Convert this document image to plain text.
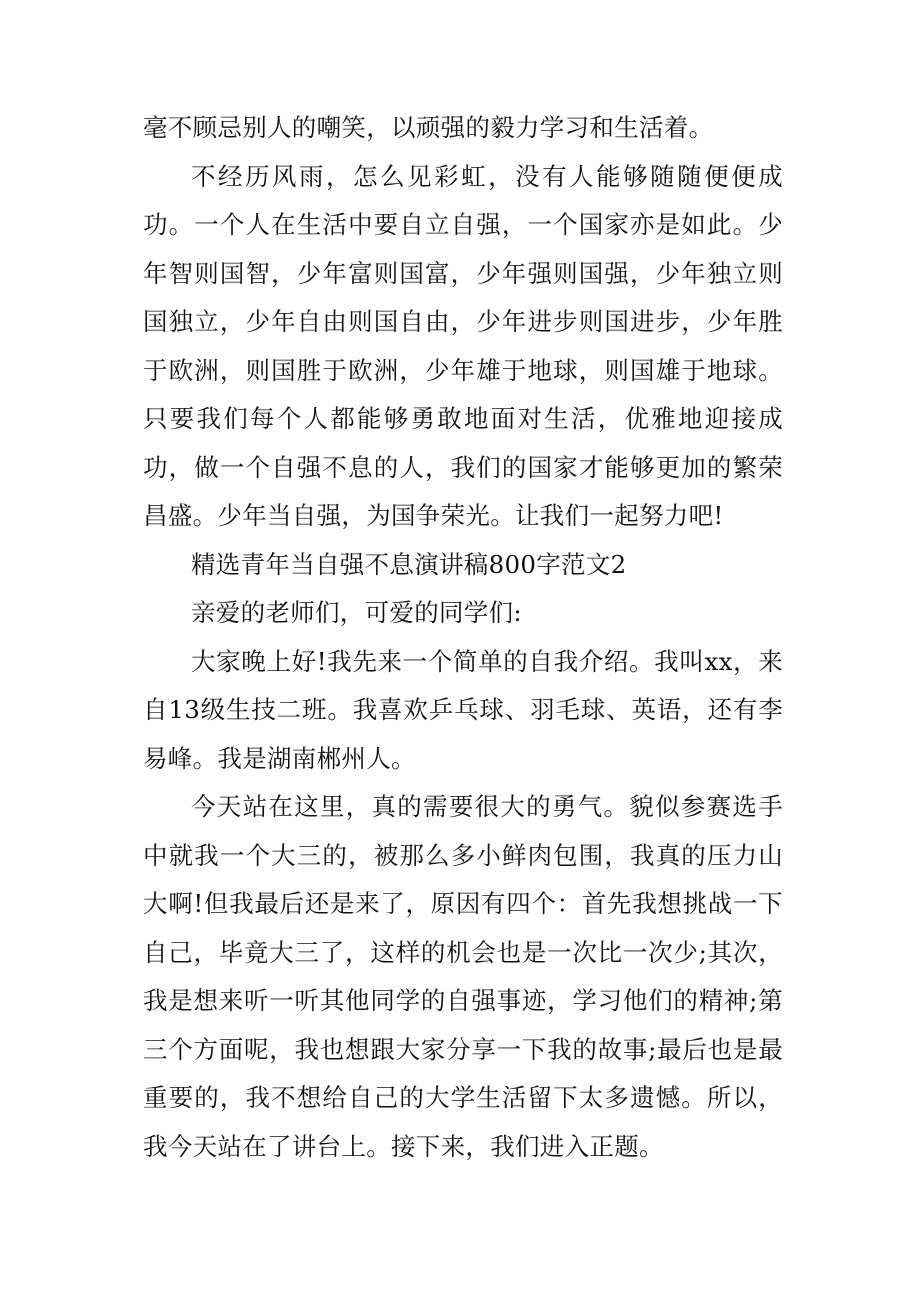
毫不顾忌别人的嘲笑，以顽强的毅力学习和生活着。

不经历风雨，怎么见彩虹，没有人能够随随便便成功。一个人在生活中要自立自强，一个国家亦是如此。少年智则国智，少年富则国富，少年强则国强，少年独立则国独立，少年自由则国自由，少年进步则国进步，少年胜于欧洲，则国胜于欧洲，少年雄于地球，则国雄于地球。只要我们每个人都能够勇敢地面对生活，优雅地迎接成功，做一个自强不息的人，我们的国家才能够更加的繁荣昌盛。少年当自强，为国争荣光。让我们一起努力吧!

精选青年当自强不息演讲稿800字范文2

亲爱的老师们，可爱的同学们:

大家晚上好!我先来一个简单的自我介绍。我叫xx，来自13级生技二班。我喜欢乒乓球、羽毛球、英语，还有李易峰。我是湖南郴州人。

今天站在这里，真的需要很大的勇气。貌似参赛选手中就我一个大三的，被那么多小鲜肉包围，我真的压力山大啊!但我最后还是来了，原因有四个：首先我想挑战一下自己，毕竟大三了，这样的机会也是一次比一次少;其次，我是想来听一听其他同学的自强事迹，学习他们的精神;第三个方面呢，我也想跟大家分享一下我的故事;最后也是最重要的，我不想给自己的大学生活留下太多遗憾。所以，我今天站在了讲台上。接下来，我们进入正题。
